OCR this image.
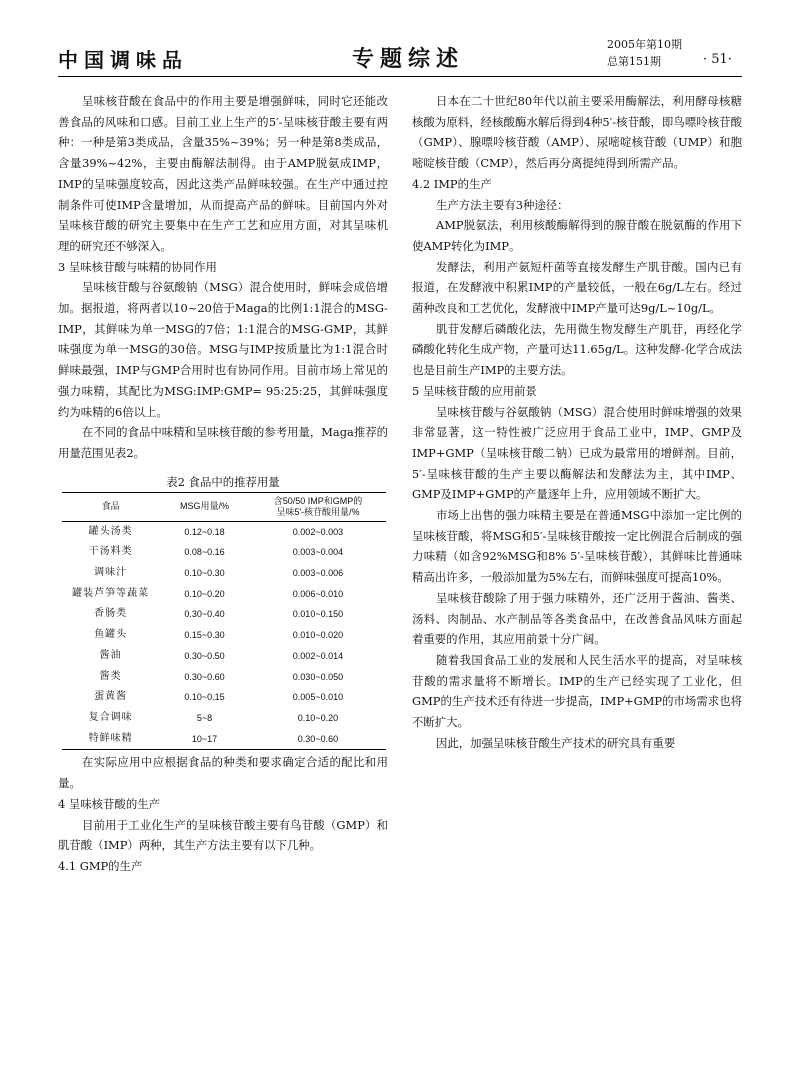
中国调味品	专题综述
2005年第10期
总第151期	· 51·

呈味核苷酸在食品中的作用主要是增强鲜味，同时它还能改善食品的风味和口感。目前工业上生产的5′-呈味核苷酸主要有两种：一种是第3类成品，含量35%~39%；另一种是第8类成品，含量39%~42%，主要由酶解法制得。由于AMP脱氨成IMP，IMP的呈味强度较高，因此这类产品鲜味较强。在生产中通过控制条件可使IMP含量增加，从而提高产品的鲜味。目前国内外对呈味核苷酸的研究主要集中在生产工艺和应用方面，对其呈味机理的研究还不够深入。

3 呈味核苷酸与味精的协同作用

呈味核苷酸与谷氨酸钠（MSG）混合使用时，鲜味会成倍增加。据报道，将两者以10~20倍于Maga的比例1:1混合的MSG-IMP，其鲜味为单一MSG的7倍；1:1混合的MSG-GMP，其鲜味强度为单一MSG的30倍。MSG与IMP按质量比为1:1混合时鲜味最强，IMP与GMP合用时也有协同作用。目前市场上常见的强力味精，其配比为MSG:IMP:GMP= 95:25:25，其鲜味强度约为味精的6倍以上。

在不同的食品中味精和呈味核苷酸的参考用量，Maga推荐的用量范围见表2。

表2 食品中的推荐用量
食品	MSG用量/%	含50/50 IMP和GMP的
呈味5′-核苷酸用量/%
罐头汤类	0.12~0.18	0.002~0.003
干汤料类	0.08~0.16	0.003~0.004
调味汁	0.10~0.30	0.003~0.006
罐装芦笋等蔬菜	0.10~0.20	0.006~0.010
香肠类	0.30~0.40	0.010~0.150
鱼罐头	0.15~0.30	0.010~0.020
酱油	0.30~0.50	0.002~0.014
酱类	0.30~0.60	0.030~0.050
蛋黄酱	0.10~0.15	0.005~0.010
复合调味	5~8	0.10~0.20
特鲜味精	10~17	0.30~0.60

在实际应用中应根据食品的种类和要求确定合适的配比和用量。

4 呈味核苷酸的生产

目前用于工业化生产的呈味核苷酸主要有鸟苷酸（GMP）和肌苷酸（IMP）两种，其生产方法主要有以下几种。

4.1 GMP的生产

日本在二十世纪80年代以前主要采用酶解法，利用酵母核糖核酸为原料，经核酸酶水解后得到4种5′-核苷酸，即鸟嘌呤核苷酸（GMP）、腺嘌呤核苷酸（AMP）、尿嘧啶核苷酸（UMP）和胞嘧啶核苷酸（CMP），然后再分离提纯得到所需产品。

4.2 IMP的生产

生产方法主要有3种途径：

AMP脱氨法，利用核酸酶解得到的腺苷酸在脱氨酶的作用下使AMP转化为IMP。

发酵法，利用产氨短杆菌等直接发酵生产肌苷酸。国内已有报道，在发酵液中积累IMP的产量较低，一般在6g/L左右。经过菌种改良和工艺优化，发酵液中IMP产量可达9g/L~10g/L。

肌苷发酵后磷酸化法，先用微生物发酵生产肌苷，再经化学磷酸化转化生成产物，产量可达11.65g/L。这种发酵-化学合成法也是目前生产IMP的主要方法。

5 呈味核苷酸的应用前景

呈味核苷酸与谷氨酸钠（MSG）混合使用时鲜味增强的效果非常显著，这一特性被广泛应用于食品工业中，IMP、GMP及IMP+GMP（呈味核苷酸二钠）已成为最常用的增鲜剂。目前，5′-呈味核苷酸的生产主要以酶解法和发酵法为主，其中IMP、GMP及IMP+GMP的产量逐年上升，应用领域不断扩大。

市场上出售的强力味精主要是在普通MSG中添加一定比例的呈味核苷酸，将MSG和5′-呈味核苷酸按一定比例混合后制成的强力味精（如含92%MSG和8% 5′-呈味核苷酸），其鲜味比普通味精高出许多，一般添加量为5%左右，而鲜味强度可提高10%。

呈味核苷酸除了用于强力味精外，还广泛用于酱油、酱类、汤料、肉制品、水产制品等各类食品中，在改善食品风味方面起着重要的作用，其应用前景十分广阔。

随着我国食品工业的发展和人民生活水平的提高，对呈味核苷酸的需求量将不断增长。IMP的生产已经实现了工业化，但GMP的生产技术还有待进一步提高，IMP+GMP的市场需求也将不断扩大。

因此，加强呈味核苷酸生产技术的研究具有重要
